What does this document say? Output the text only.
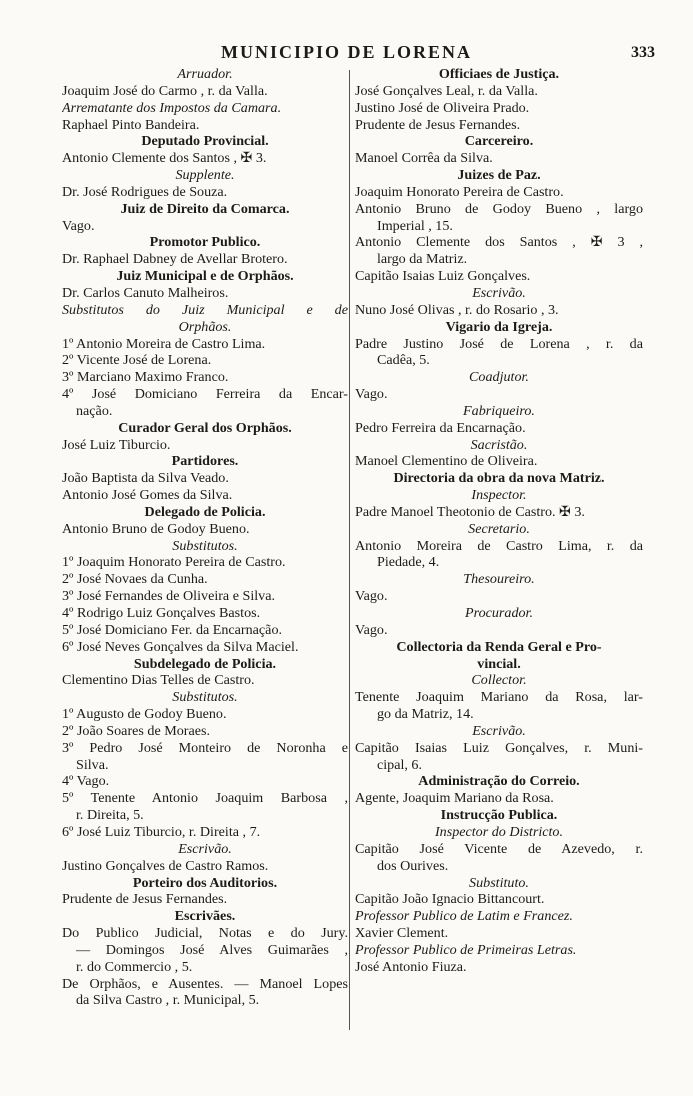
MUNICIPIO DE LORENA	333
Arruador.
Joaquim José do Carmo , r. da Valla.
Arrematante dos Impostos da Camara.
Raphael Pinto Bandeira.
Deputado Provincial.
Antonio Clemente dos Santos , ✠ 3.
Supplente.
Dr. José Rodrigues de Souza.
Juiz de Direito da Comarca.
Vago.
Promotor Publico.
Dr. Raphael Dabney de Avellar Brotero.
Juiz Municipal e de Orphãos.
Dr. Carlos Canuto Malheiros.
Substitutos do Juiz Municipal e de
Orphãos.
1º Antonio Moreira de Castro Lima.
2º Vicente José de Lorena.
3º Marciano Maximo Franco.
4º José Domiciano Ferreira da Encar-
nação.
Curador Geral dos Orphãos.
José Luiz Tiburcio.
Partidores.
João Baptista da Silva Veado.
Antonio José Gomes da Silva.
Delegado de Policia.
Antonio Bruno de Godoy Bueno.
Substitutos.
1º Joaquim Honorato Pereira de Castro.
2º José Novaes da Cunha.
3º José Fernandes de Oliveira e Silva.
4º Rodrigo Luiz Gonçalves Bastos.
5º José Domiciano Fer. da Encarnação.
6º José Neves Gonçalves da Silva Maciel.
Subdelegado de Policia.
Clementino Dias Telles de Castro.
Substitutos.
1º Augusto de Godoy Bueno.
2º João Soares de Moraes.
3º Pedro José Monteiro de Noronha e
Silva.
4º Vago.
5º Tenente Antonio Joaquim Barbosa ,
r. Direita, 5.
6º José Luiz Tiburcio, r. Direita , 7.
Escrivão.
Justino Gonçalves de Castro Ramos.
Porteiro dos Auditorios.
Prudente de Jesus Fernandes.
Escrivães.
Do Publico Judicial, Notas e do Jury.
— Domingos José Alves Guimarães ,
r. do Commercio , 5.
De Orphãos, e Ausentes. — Manoel Lopes
da Silva Castro , r. Municipal, 5.
Officiaes de Justiça.
José Gonçalves Leal, r. da Valla.
Justino José de Oliveira Prado.
Prudente de Jesus Fernandes.
Carcereiro.
Manoel Corrêa da Silva.
Juizes de Paz.
Joaquim Honorato Pereira de Castro.
Antonio Bruno de Godoy Bueno , largo
Imperial , 15.
Antonio Clemente dos Santos , ✠ 3 ,
largo da Matriz.
Capitão Isaias Luiz Gonçalves.
Escrivão.
Nuno José Olivas , r. do Rosario , 3.
Vigario da Igreja.
Padre Justino José de Lorena , r. da
Cadêa, 5.
Coadjutor.
Vago.
Fabriqueiro.
Pedro Ferreira da Encarnação.
Sacristão.
Manoel Clementino de Oliveira.
Directoria da obra da nova Matriz.
Inspector.
Padre Manoel Theotonio de Castro. ✠ 3.
Secretario.
Antonio Moreira de Castro Lima, r. da
Piedade, 4.
Thesoureiro.
Vago.
Procurador.
Vago.
Collectoria da Renda Geral e Pro-
vincial.
Collector.
Tenente Joaquim Mariano da Rosa, lar-
go da Matriz, 14.
Escrivão.
Capitão Isaias Luiz Gonçalves, r. Muni-
cipal, 6.
Administração do Correio.
Agente, Joaquim Mariano da Rosa.
Instrucção Publica.
Inspector do Districto.
Capitão José Vicente de Azevedo, r.
dos Ourives.
Substituto.
Capitão João Ignacio Bittancourt.
Professor Publico de Latim e Francez.
Xavier Clement.
Professor Publico de Primeiras Letras.
José Antonio Fiuza.
